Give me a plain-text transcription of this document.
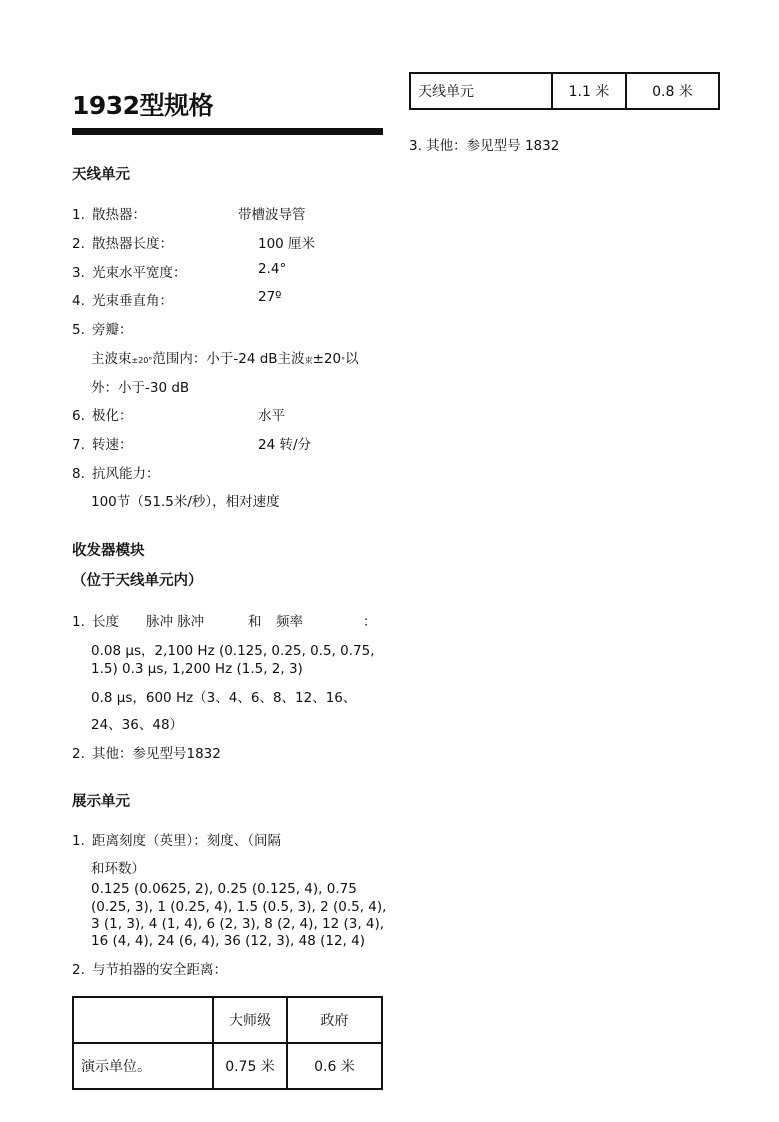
1932型规格
天线单元
1. 散热器：	带槽波导管
2. 散热器长度：	100 厘米
3. 光束水平宽度：	2.4°
4. 光束垂直角：	27º
5. 旁瓣：
主波束±20°范围内：小于-24 dB主波束±20°以
外：小于-30 dB
6. 极化：	水平
7. 转速：	24 转/分
8. 抗风能力：
100节（51.5米/秒），相对速度
收发器模块
（位于天线单元内）
1. 长度 脉冲 脉冲	和 频率	：
0.08 μs，2,100 Hz (0.125, 0.25, 0.5, 0.75,
1.5) 0.3 μs, 1,200 Hz (1.5, 2, 3)
0.8 μs，600 Hz（3、4、6、8、12、16、
24、36、48）
2. 其他：参见型号1832
展示单元
1. 距离刻度（英里）：刻度、（间隔
和环数）
0.125 (0.0625, 2), 0.25 (0.125, 4), 0.75
(0.25, 3), 1 (0.25, 4), 1.5 (0.5, 3), 2 (0.5, 4),
3 (1, 3), 4 (1, 4), 6 (2, 3), 8 (2, 4), 12 (3, 4),
16 (4, 4), 24 (6, 4), 36 (12, 3), 48 (12, 4)
2. 与节拍器的安全距离：
	大师级	政府
演示单位。	0.75 米	0.6 米
天线单元	1.1 米	0.8 米
3. 其他：参见型号 1832
